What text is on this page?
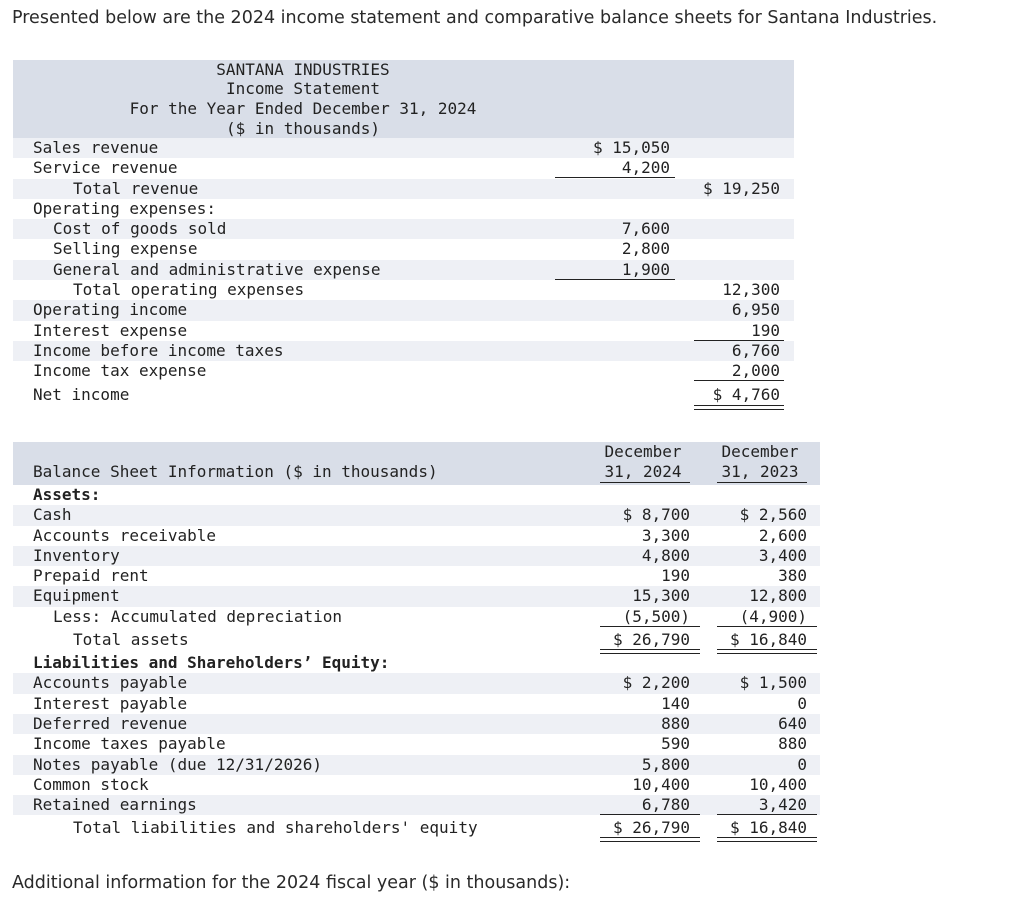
Presented below are the 2024 income statement and comparative balance sheets for Santana Industries.
SANTANA INDUSTRIES
Income Statement
For the Year Ended December 31, 2024
($ in thousands)
Sales revenue	$ 15,050
Service revenue	4,200
Total revenue	$ 19,250
Operating expenses:
Cost of goods sold	7,600
Selling expense	2,800
General and administrative expense	1,900
Total operating expenses	12,300
Operating income	6,950
Interest expense	190
Income before income taxes	6,760
Income tax expense	2,000
Net income	$ 4,760
Balance Sheet Information ($ in thousands)
December
31, 2024
December
31, 2023
Assets:
Cash	$ 8,700	$ 2,560
Accounts receivable	3,300	2,600
Inventory	4,800	3,400
Prepaid rent	190	380
Equipment	15,300	12,800
Less: Accumulated depreciation	(5,500)	(4,900)
Total assets	$ 26,790 $ 16,840
Liabilities and Shareholders’ Equity:
Accounts payable	$ 2,200	$ 1,500
Interest payable	140	0
Deferred revenue	880	640
Income taxes payable	590	880
Notes payable (due 12/31/2026)	5,800	0
Common stock	10,400	10,400
Retained earnings	6,780	3,420
Total liabilities and shareholders' equity	$ 26,790 $ 16,840
Additional information for the 2024 fiscal year ($ in thousands):
